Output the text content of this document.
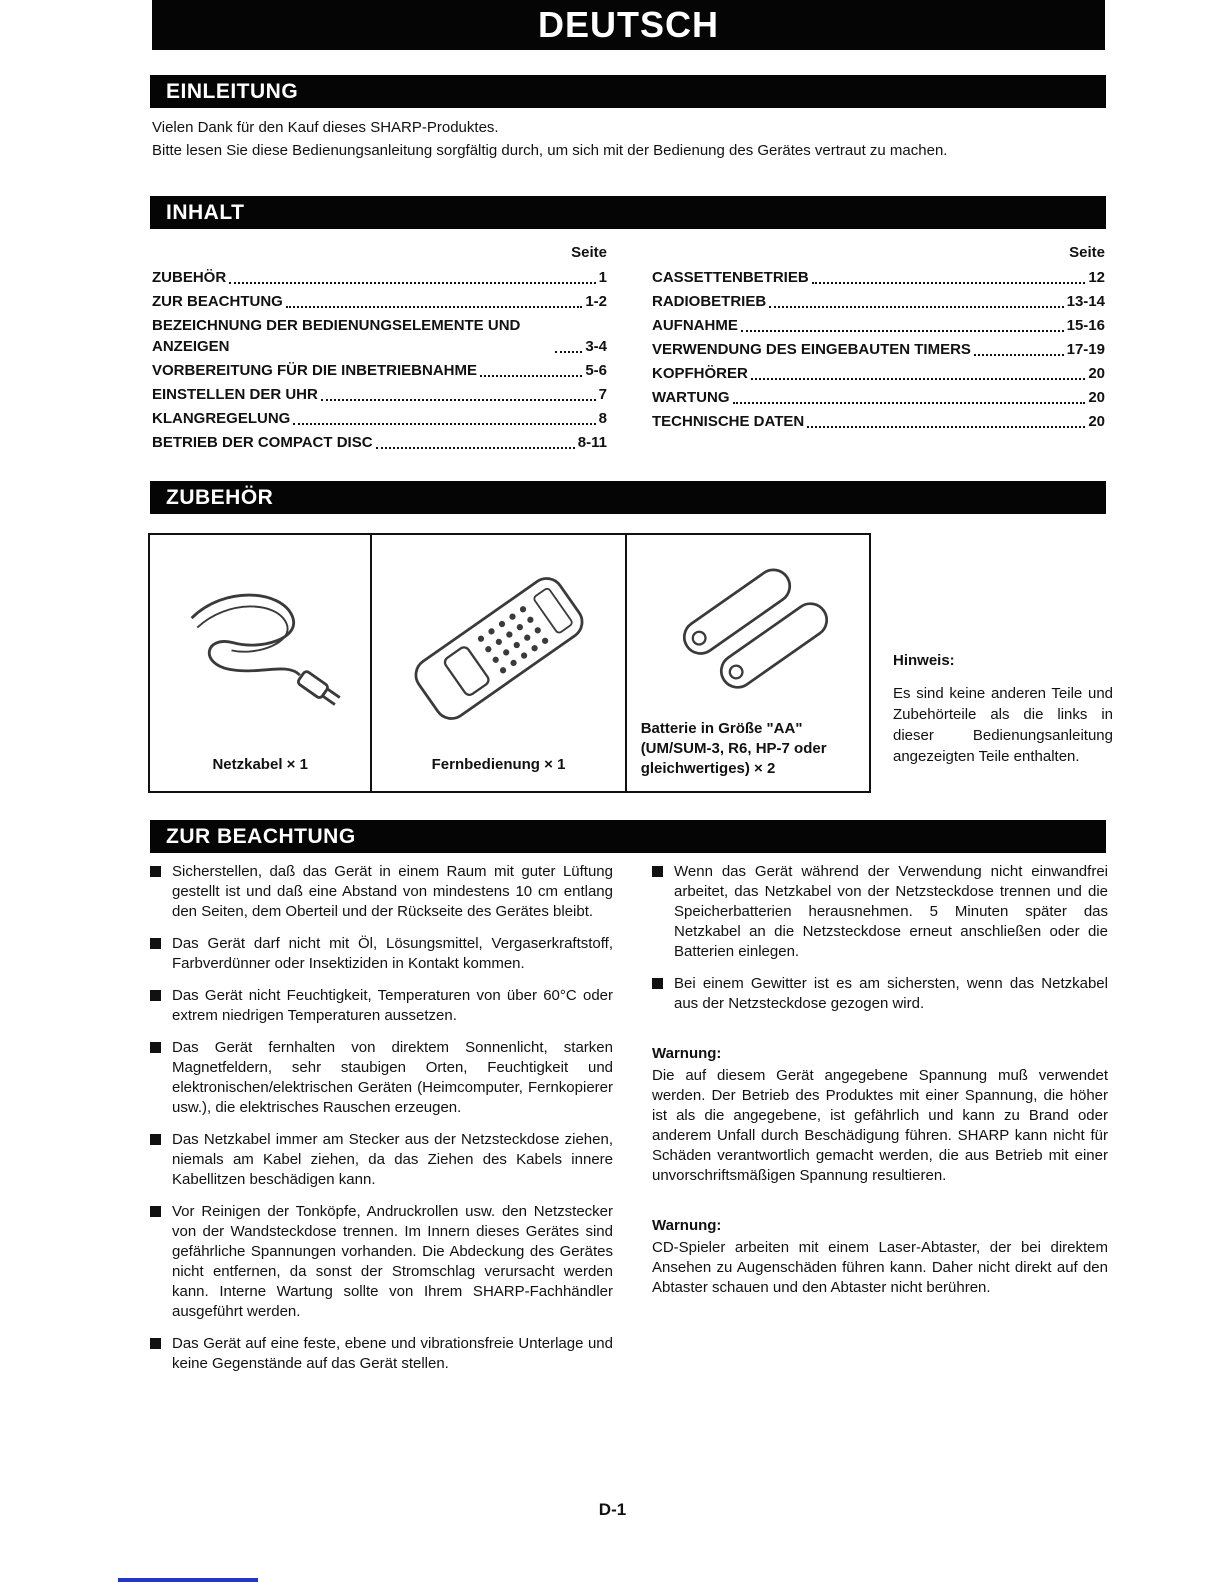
DEUTSCH
EINLEITUNG
Vielen Dank für den Kauf dieses SHARP-Produktes.
Bitte lesen Sie diese Bedienungsanleitung sorgfältig durch, um sich mit der Bedienung des Gerätes vertraut zu machen.
INHALT
Seite
ZUBEHÖR	1
ZUR BEACHTUNG	1-2
BEZEICHNUNG DER BEDIENUNGSELEMENTE UND ANZEIGEN	3-4
VORBEREITUNG FÜR DIE INBETRIEBNAHME	5-6
EINSTELLEN DER UHR	7
KLANGREGELUNG	8
BETRIEB DER COMPACT DISC	8-11
Seite
CASSETTENBETRIEB	12
RADIOBETRIEB	13-14
AUFNAHME	15-16
VERWENDUNG DES EINGEBAUTEN TIMERS	17-19
KOPFHÖRER	20
WARTUNG	20
TECHNISCHE DATEN	20
ZUBEHÖR
Netzkabel × 1	Fernbedienung × 1
Batterie in Größe "AA" (UM/SUM-3, R6, HP-7 oder gleichwertiges) × 2
Hinweis:
Es sind keine anderen Teile und Zubehörteile als die links in dieser Bedienungsanleitung angezeigten Teile enthalten.
ZUR BEACHTUNG

Sicherstellen, daß das Gerät in einem Raum mit guter Lüftung gestellt ist und daß eine Abstand von mindestens 10 cm entlang den Seiten, dem Oberteil und der Rückseite des Gerätes bleibt.

Das Gerät darf nicht mit Öl, Lösungsmittel, Vergaserkraftstoff, Farbverdünner oder Insektiziden in Kontakt kommen.

Das Gerät nicht Feuchtigkeit, Temperaturen von über 60°C oder extrem niedrigen Temperaturen aussetzen.

Das Gerät fernhalten von direktem Sonnenlicht, starken Magnetfeldern, sehr staubigen Orten, Feuchtigkeit und elektronischen/elektrischen Geräten (Heimcomputer, Fernkopierer usw.), die elektrisches Rauschen erzeugen.

Das Netzkabel immer am Stecker aus der Netzsteckdose ziehen, niemals am Kabel ziehen, da das Ziehen des Kabels innere Kabellitzen beschädigen kann.

Vor Reinigen der Tonköpfe, Andruckrollen usw. den Netzstecker von der Wandsteckdose trennen. Im Innern dieses Gerätes sind gefährliche Spannungen vorhanden. Die Abdeckung des Gerätes nicht entfernen, da sonst der Stromschlag verursacht werden kann. Interne Wartung sollte von Ihrem SHARP-Fachhändler ausgeführt werden.

Das Gerät auf eine feste, ebene und vibrationsfreie Unterlage und keine Gegenstände auf das Gerät stellen.

Wenn das Gerät während der Verwendung nicht einwandfrei arbeitet, das Netzkabel von der Netzsteckdose trennen und die Speicherbatterien herausnehmen. 5 Minuten später das Netzkabel an die Netzsteckdose erneut anschließen oder die Batterien einlegen.

Bei einem Gewitter ist es am sichersten, wenn das Netzkabel aus der Netzsteckdose gezogen wird.

Warnung:
Die auf diesem Gerät angegebene Spannung muß verwendet werden. Der Betrieb des Produktes mit einer Spannung, die höher ist als die angegebene, ist gefährlich und kann zu Brand oder anderem Unfall durch Beschädigung führen. SHARP kann nicht für Schäden verantwortlich gemacht werden, die aus Betrieb mit einer unvorschriftsmäßigen Spannung resultieren.
Warnung:
CD-Spieler arbeiten mit einem Laser-Abtaster, der bei direktem Ansehen zu Augenschäden führen kann. Daher nicht direkt auf den Abtaster schauen und den Abtaster nicht berühren.
D-1
